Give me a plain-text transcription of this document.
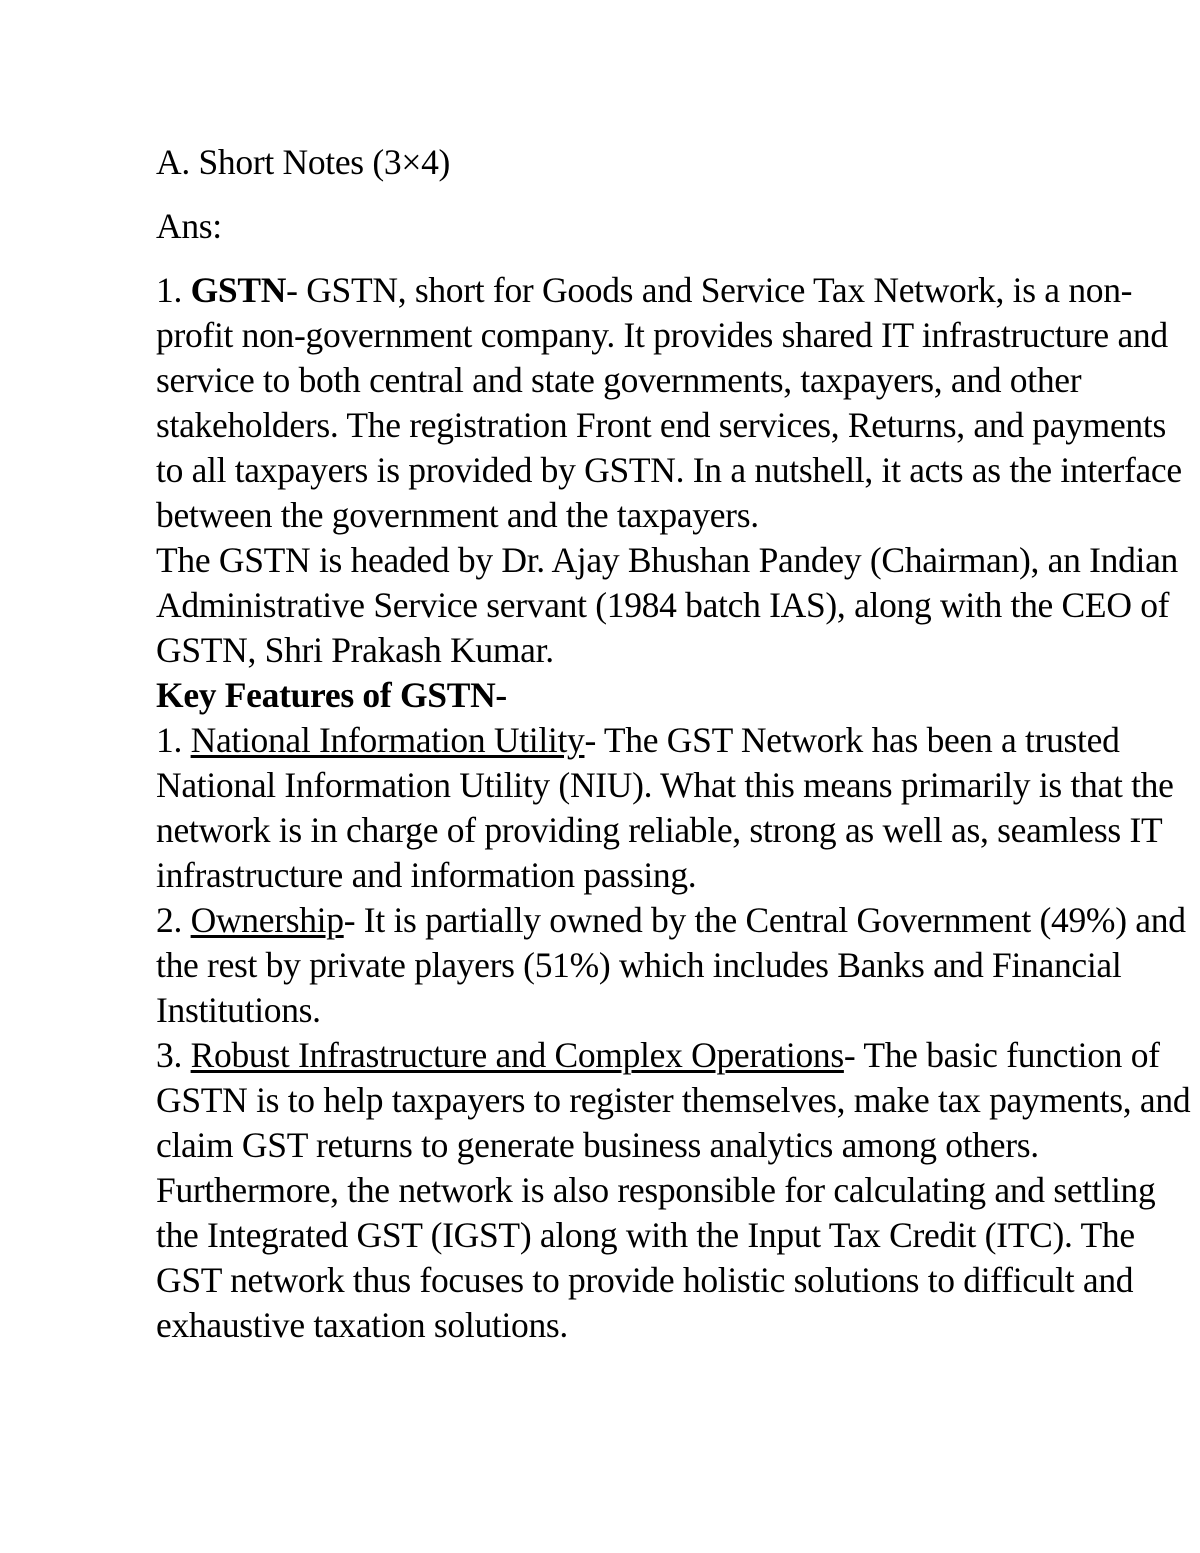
A. Short Notes (3×4)
Ans:

1. GSTN- GSTN, short for Goods and Service Tax Network, is a non-profit non-government company. It provides shared IT infrastructure and service to both central and state governments, taxpayers, and other stakeholders. The registration Front end services, Returns, and payments to all taxpayers is provided by GSTN. In a nutshell, it acts as the interface between the government and the taxpayers.

The GSTN is headed by Dr. Ajay Bhushan Pandey (Chairman), an Indian Administrative Service servant (1984 batch IAS), along with the CEO of GSTN, Shri Prakash Kumar.

Key Features of GSTN-

1. National Information Utility- The GST Network has been a trusted National Information Utility (NIU). What this means primarily is that the network is in charge of providing reliable, strong as well as, seamless IT infrastructure and information passing.

2. Ownership- It is partially owned by the Central Government (49%) and the rest by private players (51%) which includes Banks and Financial Institutions.

3. Robust Infrastructure and Complex Operations- The basic function of GSTN is to help taxpayers to register themselves, make tax payments, and claim GST returns to generate business analytics among others. Furthermore, the network is also responsible for calculating and settling the Integrated GST (IGST) along with the Input Tax Credit (ITC). The GST network thus focuses to provide holistic solutions to difficult and exhaustive taxation solutions.
